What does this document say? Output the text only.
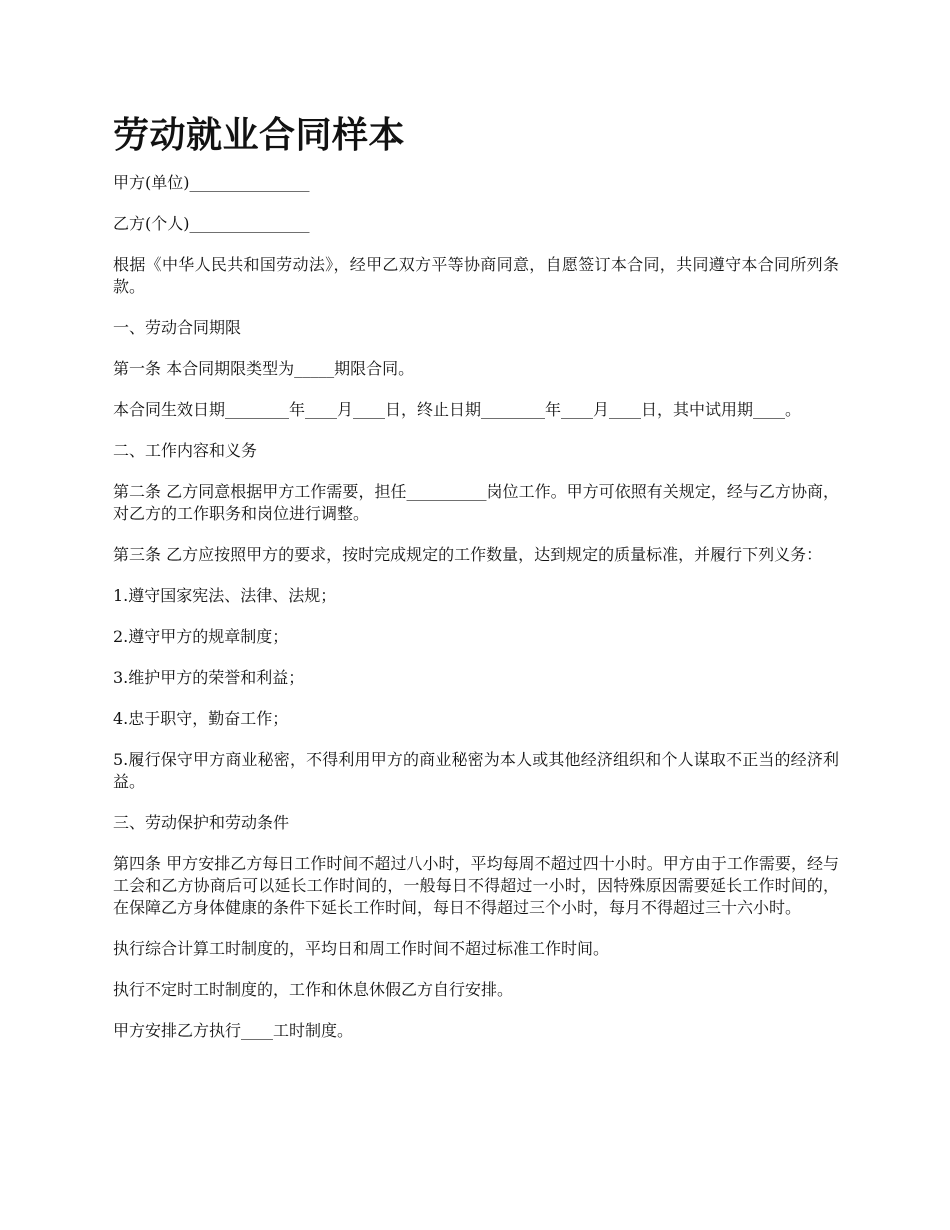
劳动就业合同样本

甲方(单位)_______________

乙方(个人)_______________

根据《中华人民共和国劳动法》，经甲乙双方平等协商同意，自愿签订本合同，共同遵守本合同所列条款。

一、劳动合同期限

第一条 本合同期限类型为_____期限合同。

本合同生效日期________年____月____日，终止日期________年____月____日，其中试用期____。

二、工作内容和义务

第二条 乙方同意根据甲方工作需要，担任__________岗位工作。甲方可依照有关规定，经与乙方协商，对乙方的工作职务和岗位进行调整。

第三条 乙方应按照甲方的要求，按时完成规定的工作数量，达到规定的质量标准，并履行下列义务：

1.遵守国家宪法、法律、法规；

2.遵守甲方的规章制度；

3.维护甲方的荣誉和利益；

4.忠于职守，勤奋工作；

5.履行保守甲方商业秘密，不得利用甲方的商业秘密为本人或其他经济组织和个人谋取不正当的经济利益。

三、劳动保护和劳动条件

第四条 甲方安排乙方每日工作时间不超过八小时，平均每周不超过四十小时。甲方由于工作需要，经与工会和乙方协商后可以延长工作时间的，一般每日不得超过一小时，因特殊原因需要延长工作时间的，在保障乙方身体健康的条件下延长工作时间，每日不得超过三个小时，每月不得超过三十六小时。

执行综合计算工时制度的，平均日和周工作时间不超过标准工作时间。

执行不定时工时制度的，工作和休息休假乙方自行安排。

甲方安排乙方执行____工时制度。
